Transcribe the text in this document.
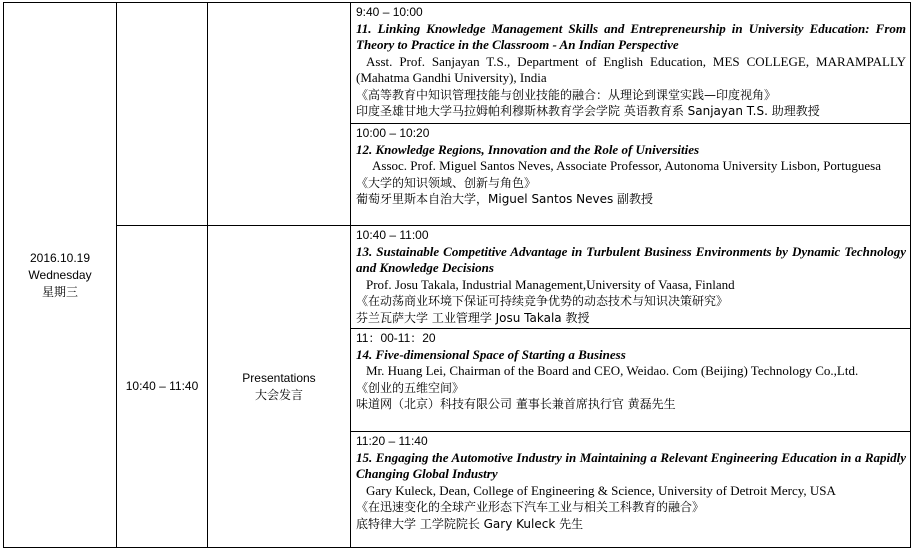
2016.10.19
Wednesday
星期三
10:40 – 11:40
Presentations
大会发言
9:40 – 10:00
11. Linking Knowledge Management Skills and Entrepreneurship in University Education: From Theory to Practice in the Classroom - An Indian Perspective
Asst. Prof. Sanjayan T.S., Department of English Education, MES COLLEGE, MARAMPALLY (Mahatma Gandhi University), India
《高等教育中知识管理技能与创业技能的融合：从理论到课堂实践—印度视角》
印度圣雄甘地大学马拉姆帕利穆斯林教育学会学院 英语教育系 Sanjayan T.S. 助理教授
10:00 – 10:20
12. Knowledge Regions, Innovation and the Role of Universities
Assoc. Prof. Miguel Santos Neves, Associate Professor, Autonoma University Lisbon, Portuguesa
《大学的知识领域、创新与角色》
葡萄牙里斯本自治大学，Miguel Santos Neves 副教授
10:40 – 11:00
13. Sustainable Competitive Advantage in Turbulent Business Environments by Dynamic Technology and Knowledge Decisions
Prof. Josu Takala, Industrial Management,University of Vaasa, Finland
《在动荡商业环境下保证可持续竞争优势的动态技术与知识决策研究》
芬兰瓦萨大学 工业管理学 Josu Takala 教授
11：00-11：20
14. Five-dimensional Space of Starting a Business
Mr. Huang Lei, Chairman of the Board and CEO, Weidao. Com (Beijing) Technology Co.,Ltd.
《创业的五维空间》
味道网（北京）科技有限公司 董事长兼首席执行官 黄磊先生
11:20 – 11:40
15. Engaging the Automotive Industry in Maintaining a Relevant Engineering Education in a Rapidly Changing Global Industry
Gary Kuleck, Dean, College of Engineering & Science, University of Detroit Mercy, USA
《在迅速变化的全球产业形态下汽车工业与相关工科教育的融合》
底特律大学 工学院院长 Gary Kuleck 先生
